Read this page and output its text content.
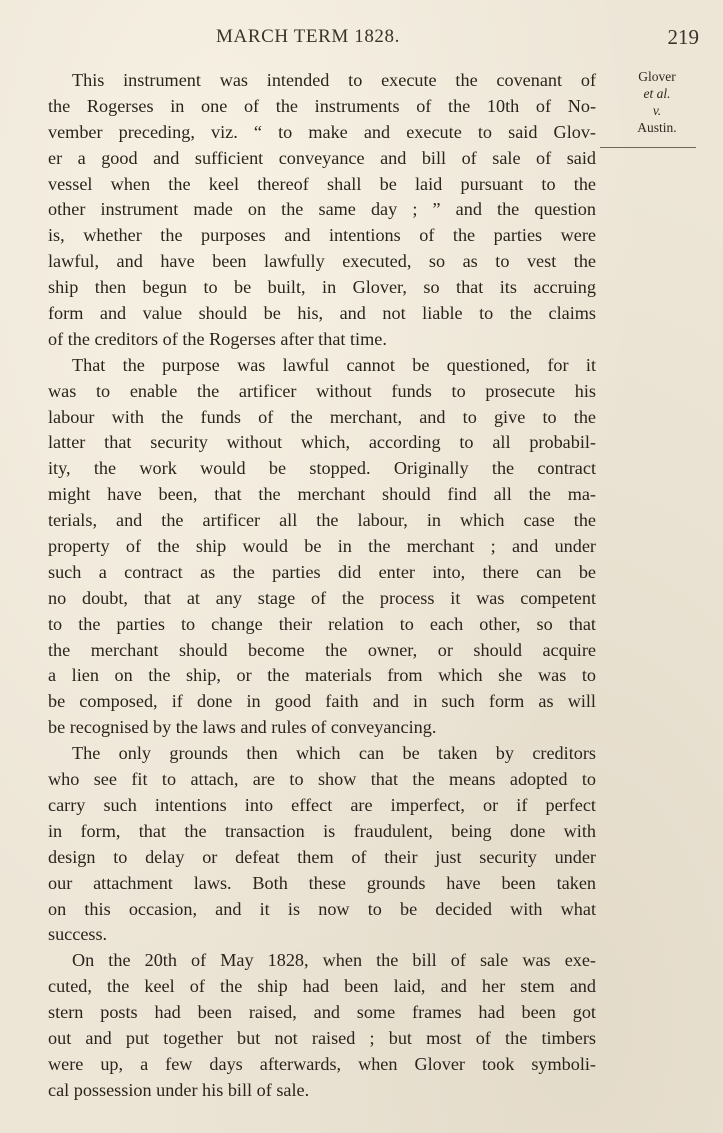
MARCH TERM 1828.	219
Glover
et al.
v.
Austin.
This instrument was intended to execute the covenant of
the Rogerses in one of the instruments of the 10th of No-
vember preceding, viz. “ to make and execute to said Glov-
er a good and sufficient conveyance and bill of sale of said
vessel when the keel thereof shall be laid pursuant to the
other instrument made on the same day ; ” and the question
is, whether the purposes and intentions of the parties were
lawful, and have been lawfully executed, so as to vest the
ship then begun to be built, in Glover, so that its accruing
form and value should be his, and not liable to the claims
of the creditors of the Rogerses after that time.
That the purpose was lawful cannot be questioned, for it
was to enable the artificer without funds to prosecute his
labour with the funds of the merchant, and to give to the
latter that security without which, according to all probabil-
ity, the work would be stopped. Originally the contract
might have been, that the merchant should find all the ma-
terials, and the artificer all the labour, in which case the
property of the ship would be in the merchant ; and under
such a contract as the parties did enter into, there can be
no doubt, that at any stage of the process it was competent
to the parties to change their relation to each other, so that
the merchant should become the owner, or should acquire
a lien on the ship, or the materials from which she was to
be composed, if done in good faith and in such form as will
be recognised by the laws and rules of conveyancing.
The only grounds then which can be taken by creditors
who see fit to attach, are to show that the means adopted to
carry such intentions into effect are imperfect, or if perfect
in form, that the transaction is fraudulent, being done with
design to delay or defeat them of their just security under
our attachment laws. Both these grounds have been taken
on this occasion, and it is now to be decided with what
success.
On the 20th of May 1828, when the bill of sale was exe-
cuted, the keel of the ship had been laid, and her stem and
stern posts had been raised, and some frames had been got
out and put together but not raised ; but most of the timbers
were up, a few days afterwards, when Glover took symboli-
cal possession under his bill of sale.
